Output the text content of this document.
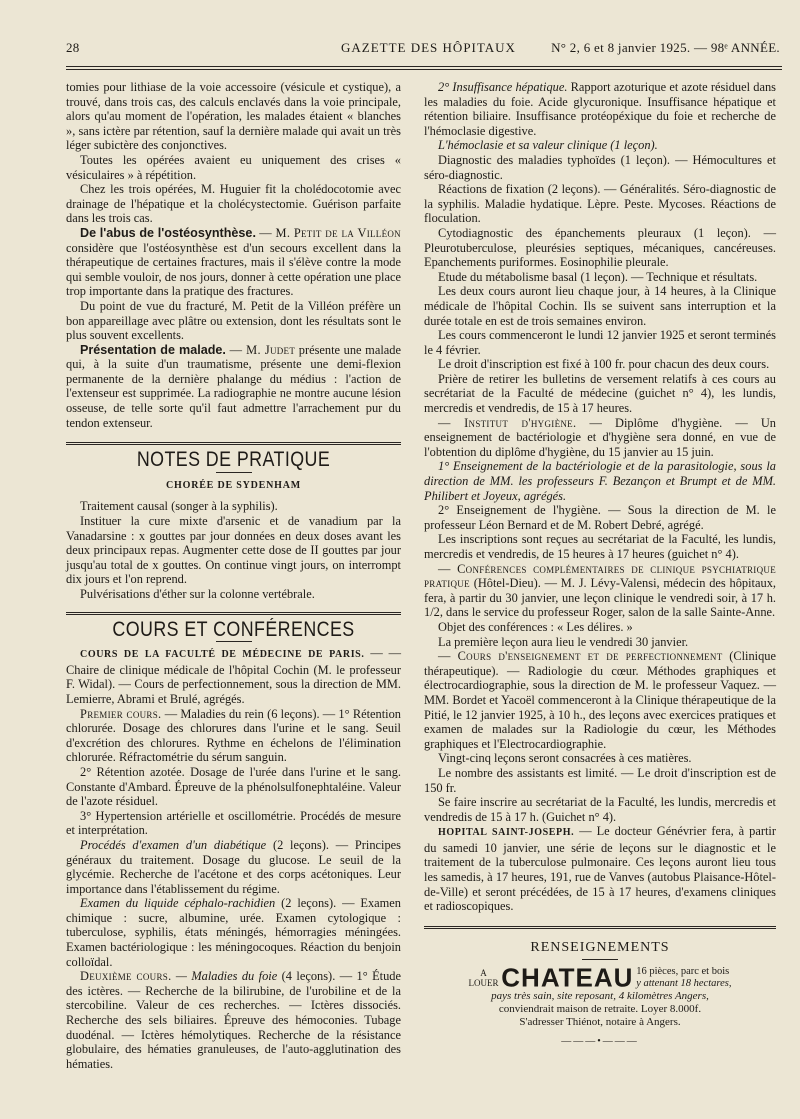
28	GAZETTE DES HÔPITAUX	N° 2, 6 et 8 janvier 1925. — 98ᵉ ANNÉE.

tomies pour lithiase de la voie accessoire (vésicule et cystique), a trouvé, dans trois cas, des calculs enclavés dans la voie principale, alors qu'au moment de l'opération, les malades étaient « blanches », sans ictère par rétention, sauf la dernière malade qui avait un très léger subictère des conjonctives.

Toutes les opérées avaient eu uniquement des crises « vésiculaires » à répétition.

Chez les trois opérées, M. Huguier fit la cholédocotomie avec drainage de l'hépatique et la cholécystectomie. Guérison parfaite dans les trois cas.

De l'abus de l'ostéosynthèse. — M. Petit de la Villéon considère que l'ostéosynthèse est d'un secours excellent dans la thérapeutique de certaines fractures, mais il s'élève contre la mode qui semble vouloir, de nos jours, donner à cette opération une place trop importante dans la pratique des fractures.

Du point de vue du fracturé, M. Petit de la Villéon préfère un bon appareillage avec plâtre ou extension, dont les résultats sont le plus souvent excellents.

Présentation de malade. — M. Judet présente une malade qui, à la suite d'un traumatisme, présente une demi-flexion permanente de la dernière phalange du médius : l'action de l'extenseur est supprimée. La radiographie ne montre aucune lésion osseuse, de telle sorte qu'il faut admettre l'arrachement pur du tendon extenseur.

NOTES DE PRATIQUE
CHORÉE DE SYDENHAM

Traitement causal (songer à la syphilis).

Instituer la cure mixte d'arsenic et de vanadium par la Vanadarsine : x gouttes par jour données en deux doses avant les deux principaux repas. Augmenter cette dose de II gouttes par jour jusqu'au total de x gouttes. On continue vingt jours, on interrompt dix jours et l'on reprend.

Pulvérisations d'éther sur la colonne vertébrale.

COURS ET CONFÉRENCES

COURS DE LA FACULTÉ DE MÉDECINE DE PARIS. — — Chaire de clinique médicale de l'hôpital Cochin (M. le professeur F. Widal). — Cours de perfectionnement, sous la direction de MM. Lemierre, Abrami et Brulé, agrégés.

Premier cours. — Maladies du rein (6 leçons). — 1° Rétention chlorurée. Dosage des chlorures dans l'urine et le sang. Seuil d'excrétion des chlorures. Rythme en échelons de l'élimination chlorurée. Réfractométrie du sérum sanguin.

2° Rétention azotée. Dosage de l'urée dans l'urine et le sang. Constante d'Ambard. Épreuve de la phénolsulfonephtaléine. Valeur de l'azote résiduel.

3° Hypertension artérielle et oscillométrie. Procédés de mesure et interprétation.

Procédés d'examen d'un diabétique (2 leçons). — Principes généraux du traitement. Dosage du glucose. Le seuil de la glycémie. Recherche de l'acétone et des corps acétoniques. Leur importance dans l'établissement du régime.

Examen du liquide céphalo-rachidien (2 leçons). — Examen chimique : sucre, albumine, urée. Examen cytologique : tuberculose, syphilis, états méningés, hémorragies méningées. Examen bactériologique : les méningocoques. Réaction du benjoin colloïdal.

Deuxième cours. — Maladies du foie (4 leçons). — 1° Étude des ictères. — Recherche de la bilirubine, de l'urobiline et de la stercobiline. Valeur de ces recherches. — Ictères dissociés. Recherche des sels biliaires. Épreuve des hémoconies. Tubage duodénal. — Ictères hémolytiques. Recherche de la résistance globulaire, des hématies granuleuses, de l'auto-agglutination des hématies.

2° Insuffisance hépatique. Rapport azoturique et azote résiduel dans les maladies du foie. Acide glycuronique. Insuffisance hépatique et rétention biliaire. Insuffisance protéopéxique du foie et recherche de l'hémoclasie digestive.

L'hémoclasie et sa valeur clinique (1 leçon).

Diagnostic des maladies typhoïdes (1 leçon). — Hémocultures et séro-diagnostic.

Réactions de fixation (2 leçons). — Généralités. Séro-diagnostic de la syphilis. Maladie hydatique. Lèpre. Peste. Mycoses. Réactions de floculation.

Cytodiagnostic des épanchements pleuraux (1 leçon). — Pleurotuberculose, pleurésies septiques, mécaniques, cancéreuses. Epanchements puriformes. Eosinophilie pleurale.

Etude du métabolisme basal (1 leçon). — Technique et résultats.

Les deux cours auront lieu chaque jour, à 14 heures, à la Clinique médicale de l'hôpital Cochin. Ils se suivent sans interruption et la durée totale en est de trois semaines environ.

Les cours commenceront le lundi 12 janvier 1925 et seront terminés le 4 février.

Le droit d'inscription est fixé à 100 fr. pour chacun des deux cours.

Prière de retirer les bulletins de versement relatifs à ces cours au secrétariat de la Faculté de médecine (guichet n° 4), les lundis, mercredis et vendredis, de 15 à 17 heures.

— Institut d'hygiène. — Diplôme d'hygiène. — Un enseignement de bactériologie et d'hygiène sera donné, en vue de l'obtention du diplôme d'hygiène, du 15 janvier au 15 juin.

1° Enseignement de la bactériologie et de la parasitologie, sous la direction de MM. les professeurs F. Bezançon et Brumpt et de MM. Philibert et Joyeux, agrégés.

2° Enseignement de l'hygiène. — Sous la direction de M. le professeur Léon Bernard et de M. Robert Debré, agrégé.

Les inscriptions sont reçues au secrétariat de la Faculté, les lundis, mercredis et vendredis, de 15 heures à 17 heures (guichet n° 4).

— Conférences complémentaires de clinique psychiatrique pratique (Hôtel-Dieu). — M. J. Lévy-Valensi, médecin des hôpitaux, fera, à partir du 30 janvier, une leçon clinique le vendredi soir, à 17 h. 1/2, dans le service du professeur Roger, salon de la salle Sainte-Anne.

Objet des conférences : « Les délires. »

La première leçon aura lieu le vendredi 30 janvier.

— Cours d'enseignement et de perfectionnement (Clinique thérapeutique). — Radiologie du cœur. Méthodes graphiques et électrocardiographie, sous la direction de M. le professeur Vaquez. — MM. Bordet et Yacoël commenceront à la Clinique thérapeutique de la Pitié, le 12 janvier 1925, à 10 h., des leçons avec exercices pratiques et examen de malades sur la Radiologie du cœur, les Méthodes graphiques et l'Electrocardiographie.

Vingt-cinq leçons seront consacrées à ces matières.

Le nombre des assistants est limité. — Le droit d'inscription est de 150 fr.

Se faire inscrire au secrétariat de la Faculté, les lundis, mercredis et vendredis de 15 à 17 h. (Guichet n° 4).

HOPITAL SAINT-JOSEPH. — Le docteur Génévrier fera, à partir du samedi 10 janvier, une série de leçons sur le diagnostic et le traitement de la tuberculose pulmonaire. Ces leçons auront lieu tous les samedis, à 17 heures, 191, rue de Vanves (autobus Plaisance-Hôtel-de-Ville) et seront précédées, de 15 à 17 heures, d'examens cliniques et radioscopiques.

RENSEIGNEMENTS
A
LOUER CHATEAU 16 pièces, parc et bois
y attenant 18 hectares,
pays très sain, site reposant, 4 kilomètres Angers,
conviendrait maison de retraite. Loyer 8.000f.
S'adresser Thiénot, notaire à Angers.
———•———
